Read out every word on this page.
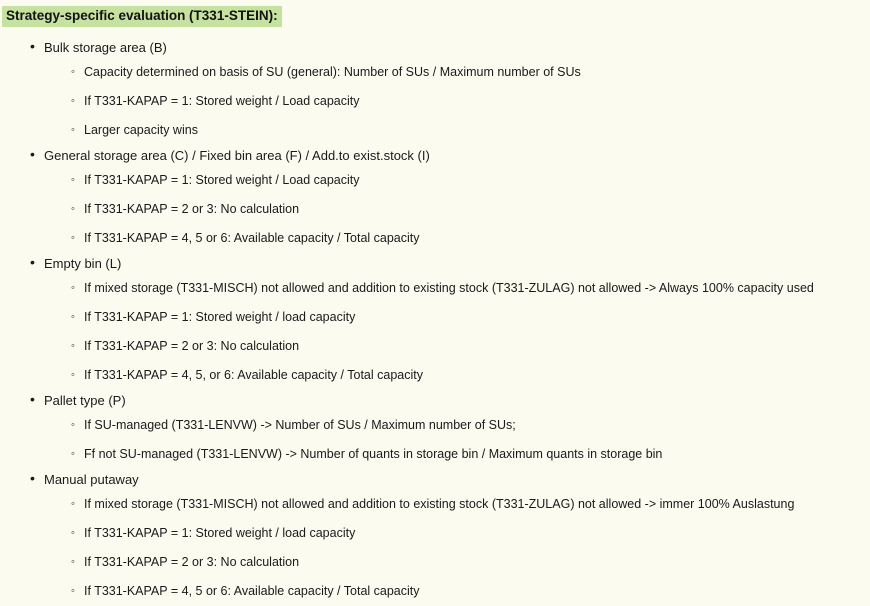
Strategy-specific evaluation (T331-STEIN):
• Bulk storage area (B)
◦ Capacity determined on basis of SU (general): Number of SUs / Maximum number of SUs
◦ If T331-KAPAP = 1: Stored weight / Load capacity
◦ Larger capacity wins
• General storage area (C) / Fixed bin area (F) / Add.to exist.stock (I)
◦ If T331-KAPAP = 1: Stored weight / Load capacity
◦ If T331-KAPAP = 2 or 3: No calculation
◦ If T331-KAPAP = 4, 5 or 6: Available capacity / Total capacity
• Empty bin (L)
◦ If mixed storage (T331-MISCH) not allowed and addition to existing stock (T331-ZULAG) not allowed -> Always 100% capacity used
◦ If T331-KAPAP = 1: Stored weight / load capacity
◦ If T331-KAPAP = 2 or 3: No calculation
◦ If T331-KAPAP = 4, 5, or 6: Available capacity / Total capacity
• Pallet type (P)
◦ If SU-managed (T331-LENVW) -> Number of SUs / Maximum number of SUs;
◦ Ff not SU-managed (T331-LENVW) -> Number of quants in storage bin / Maximum quants in storage bin
• Manual putaway
◦ If mixed storage (T331-MISCH) not allowed and addition to existing stock (T331-ZULAG) not allowed -> immer 100% Auslastung
◦ If T331-KAPAP = 1: Stored weight / load capacity
◦ If T331-KAPAP = 2 or 3: No calculation
◦ If T331-KAPAP = 4, 5 or 6: Available capacity / Total capacity
